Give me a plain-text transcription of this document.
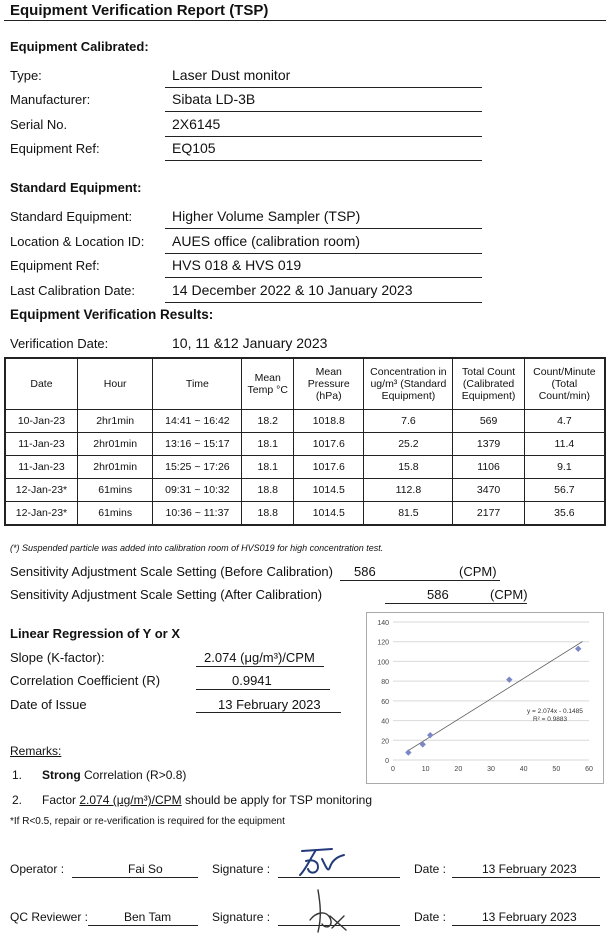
Equipment Verification Report (TSP)
Equipment Calibrated:
Type:	Laser Dust monitor
Manufacturer:	Sibata LD-3B
Serial No.	2X6145
Equipment Ref:	EQ105
Standard Equipment:
Standard Equipment:	Higher Volume Sampler (TSP)
Location & Location ID: AUES office (calibration room)
Equipment Ref:	HVS 018 & HVS 019
Last Calibration Date:	14 December 2022 & 10 January 2023
Equipment Verification Results:
Verification Date:	10, 11 &12 January 2023
Date	Hour	Time	Mean Temp °C	Mean Pressure (hPa)	Concentration in ug/m³ (Standard Equipment)	Total Count (Calibrated Equipment)	Count/Minute (Total Count/min)
10-Jan-23	2hr1min	14:41 ~ 16:42	18.2	1018.8	7.6	569	4.7
11-Jan-23	2hr01min	13:16 ~ 15:17	18.1	1017.6	25.2	1379	11.4
11-Jan-23	2hr01min	15:25 ~ 17:26	18.1	1017.6	15.8	1106	9.1
12-Jan-23*	61mins	09:31 ~ 10:32	18.8	1014.5	112.8	3470	56.7
12-Jan-23*	61mins	10:36 ~ 11:37	18.8	1014.5	81.5	2177	35.6
(*) Suspended particle was added into calibration room of HVS019 for high concentration test.
Sensitivity Adjustment Scale Setting (Before Calibration) 586	(CPM)
Sensitivity Adjustment Scale Setting (After Calibration)	586	(CPM)
Linear Regression of Y or X
Slope (K-factor):	2.074 (μg/m³)/CPM
Correlation Coefficient (R)	0.9941
Date of Issue	13 February 2023
0
20
40
60
80
100
120
140
0	10	20	30	40	50	60
y = 2.074x - 0.1485
R² = 0.9883
Remarks:
1. Strong Correlation (R>0.8)
2. Factor 2.074 (μg/m³)/CPM should be apply for TSP monitoring
*If R<0.5, repair or re-verification is required for the equipment
Operator :	Fai So	Signature :	Date :	13 February 2023
QC Reviewer :	Ben Tam	Signature :	Date :	13 February 2023
